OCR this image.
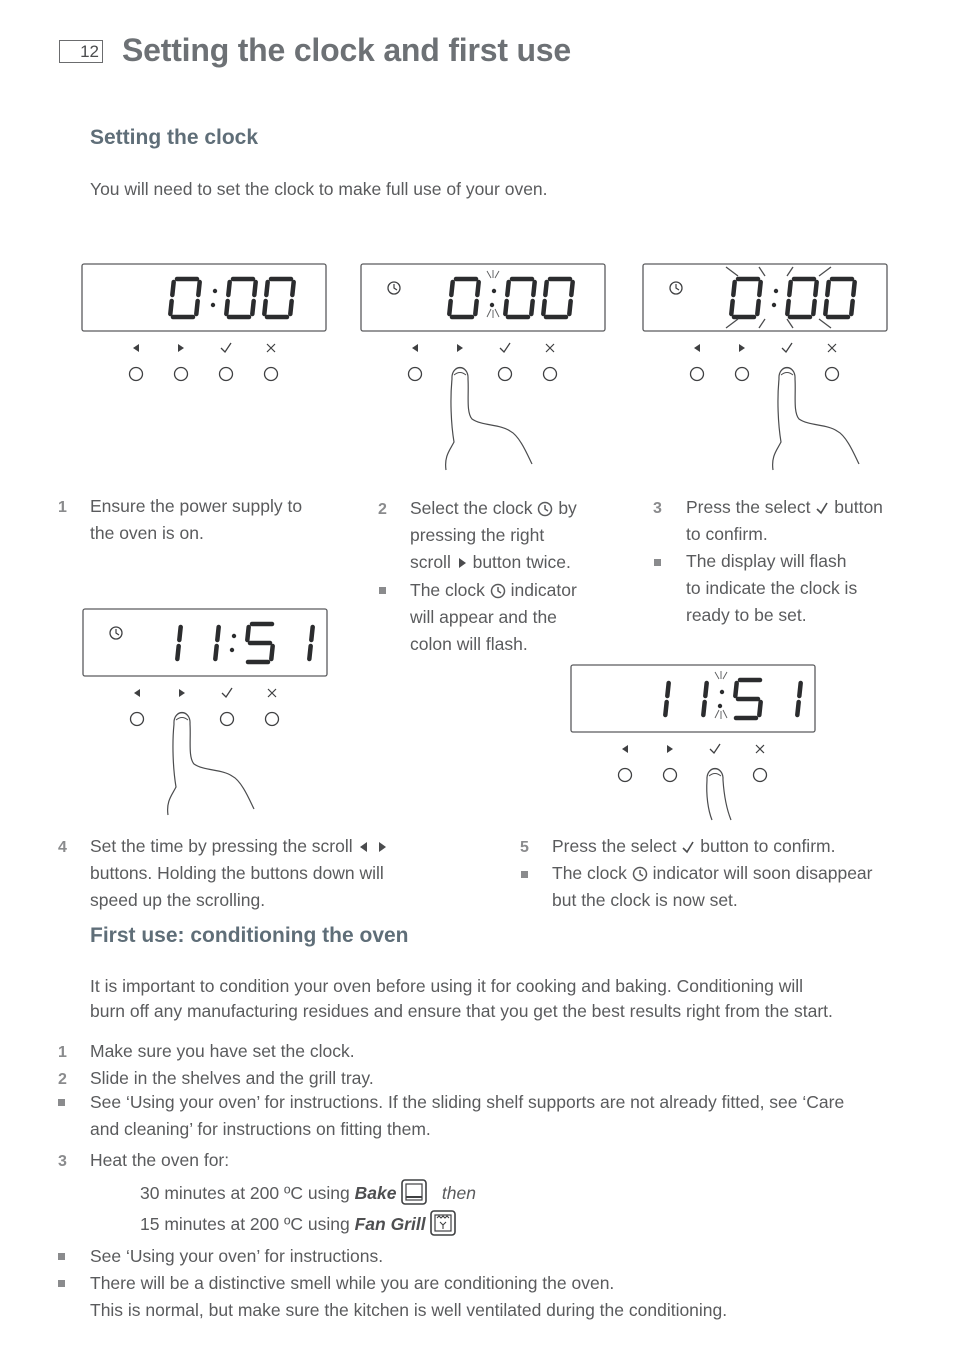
12 Setting the clock and first use
Setting the clock

You will need to set the clock to make full use of your oven.

1 Ensure the power supply to
the oven is on.

2 Select the clock by
pressing the right
scroll button twice.

The clock indicator
will appear and the
colon will flash.

3 Press the select button
to confirm.

The display will flash
to indicate the clock is
ready to be set.

4 Set the time by pressing the scroll
buttons. Holding the buttons down will
speed up the scrolling.

5 Press the select button to confirm.

The clock indicator will soon disappear
but the clock is now set.

First use: conditioning the oven

It is important to condition your oven before using it for cooking and baking. Conditioning will
burn off any manufacturing residues and ensure that you get the best results right from the start.

1 Make sure you have set the clock.

2 Slide in the shelves and the grill tray.

See ‘Using your oven’ for instructions. If the sliding shelf supports are not already fitted, see ‘Care
and cleaning’ for instructions on fitting them.

3 Heat the oven for:

30 minutes at 200 ºC using Bake	then

15 minutes at 200 ºC using Fan Grill

See ‘Using your oven’ for instructions.

There will be a distinctive smell while you are conditioning the oven.
This is normal, but make sure the kitchen is well ventilated during the conditioning.
